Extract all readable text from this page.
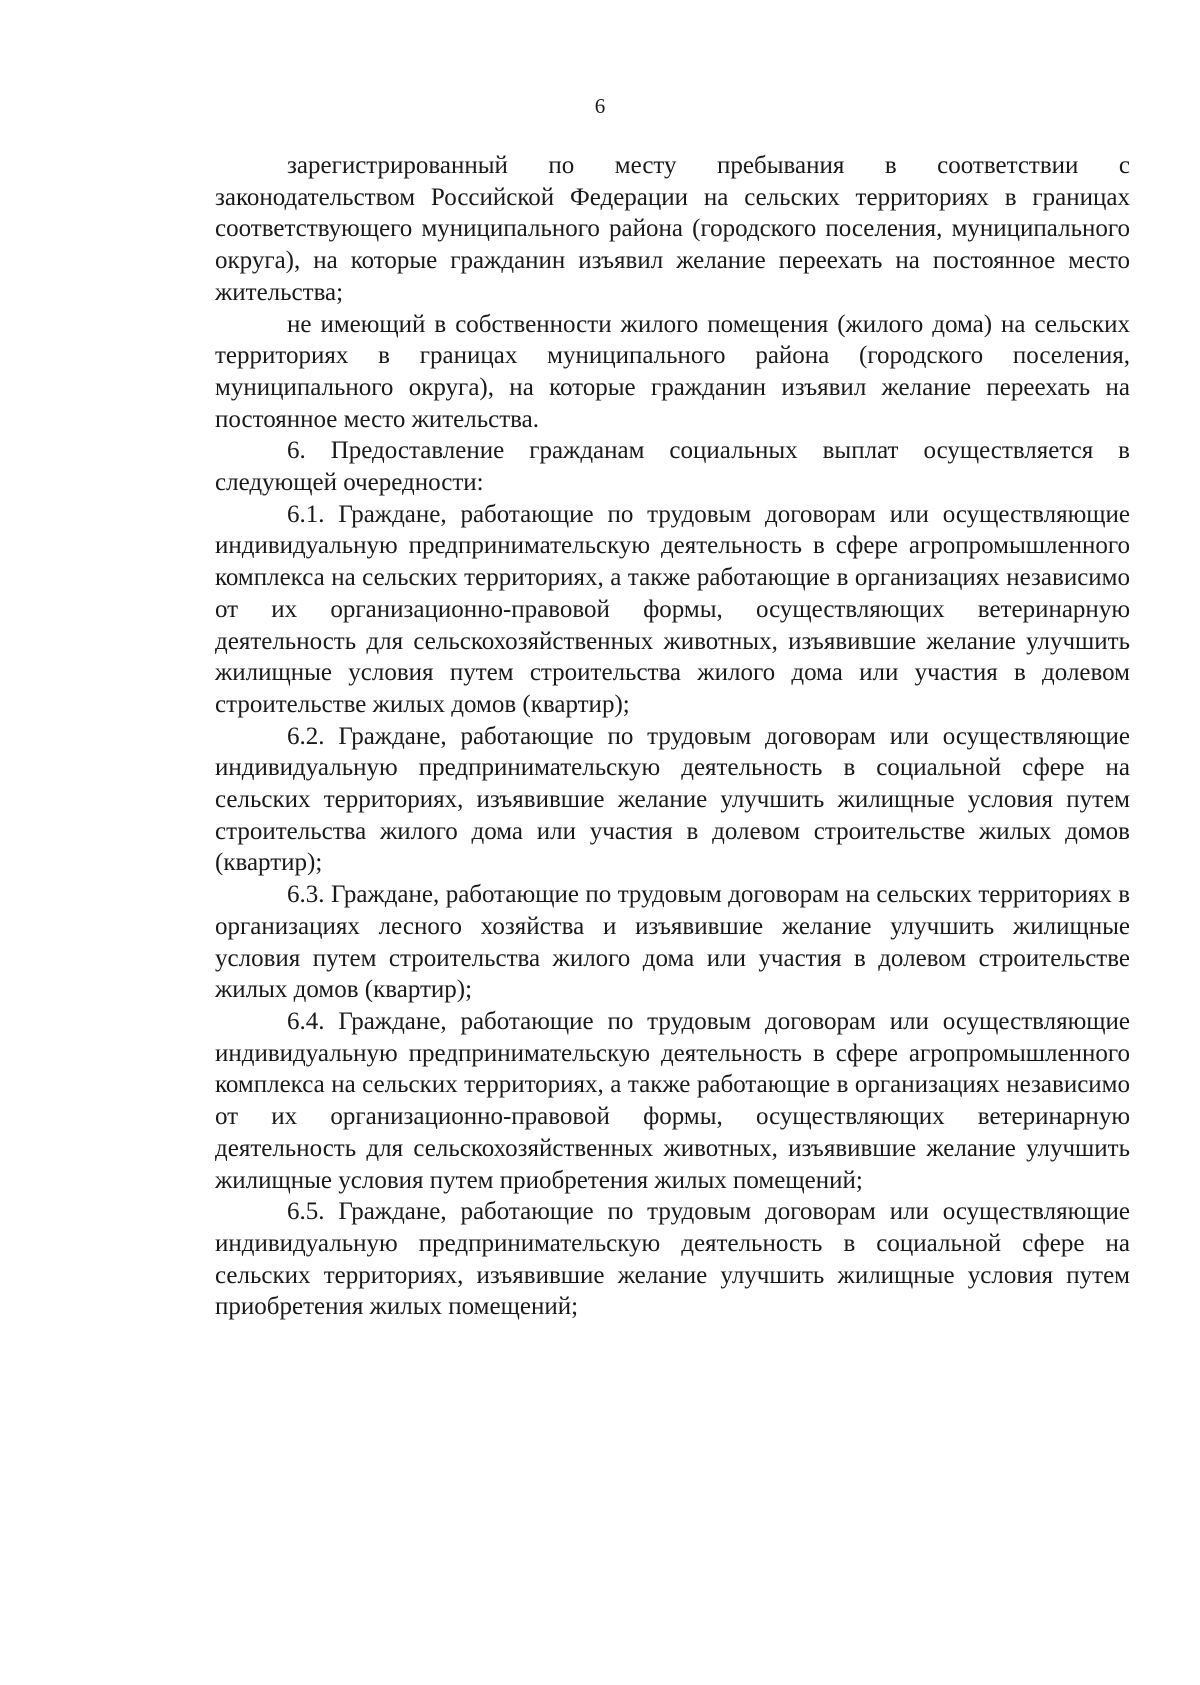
6

зарегистрированный по месту пребывания в соответствии с законодательством Российской Федерации на сельских территориях в границах соответствующего муниципального района (городского поселения, муниципального округа), на которые гражданин изъявил желание переехать на постоянное место жительства;

не имеющий в собственности жилого помещения (жилого дома) на сельских территориях в границах муниципального района (городского поселения, муниципального округа), на которые гражданин изъявил желание переехать на постоянное место жительства.

6. Предоставление гражданам социальных выплат осуществляется в следующей очередности:

6.1. Граждане, работающие по трудовым договорам или осуществляющие индивидуальную предпринимательскую деятельность в сфере агропромышленного комплекса на сельских территориях, а также работающие в организациях независимо от их организационно-правовой формы, осуществляющих ветеринарную деятельность для сельскохозяйственных животных, изъявившие желание улучшить жилищные условия путем строительства жилого дома или участия в долевом строительстве жилых домов (квартир);

6.2. Граждане, работающие по трудовым договорам или осуществляющие индивидуальную предпринимательскую деятельность в социальной сфере на сельских территориях, изъявившие желание улучшить жилищные условия путем строительства жилого дома или участия в долевом строительстве жилых домов (квартир);

6.3. Граждане, работающие по трудовым договорам на сельских территориях в организациях лесного хозяйства и изъявившие желание улучшить жилищные условия путем строительства жилого дома или участия в долевом строительстве жилых домов (квартир);

6.4. Граждане, работающие по трудовым договорам или осуществляющие индивидуальную предпринимательскую деятельность в сфере агропромышленного комплекса на сельских территориях, а также работающие в организациях независимо от их организационно-правовой формы, осуществляющих ветеринарную деятельность для сельскохозяйственных животных, изъявившие желание улучшить жилищные условия путем приобретения жилых помещений;

6.5. Граждане, работающие по трудовым договорам или осуществляющие индивидуальную предпринимательскую деятельность в социальной сфере на сельских территориях, изъявившие желание улучшить жилищные условия путем приобретения жилых помещений;
